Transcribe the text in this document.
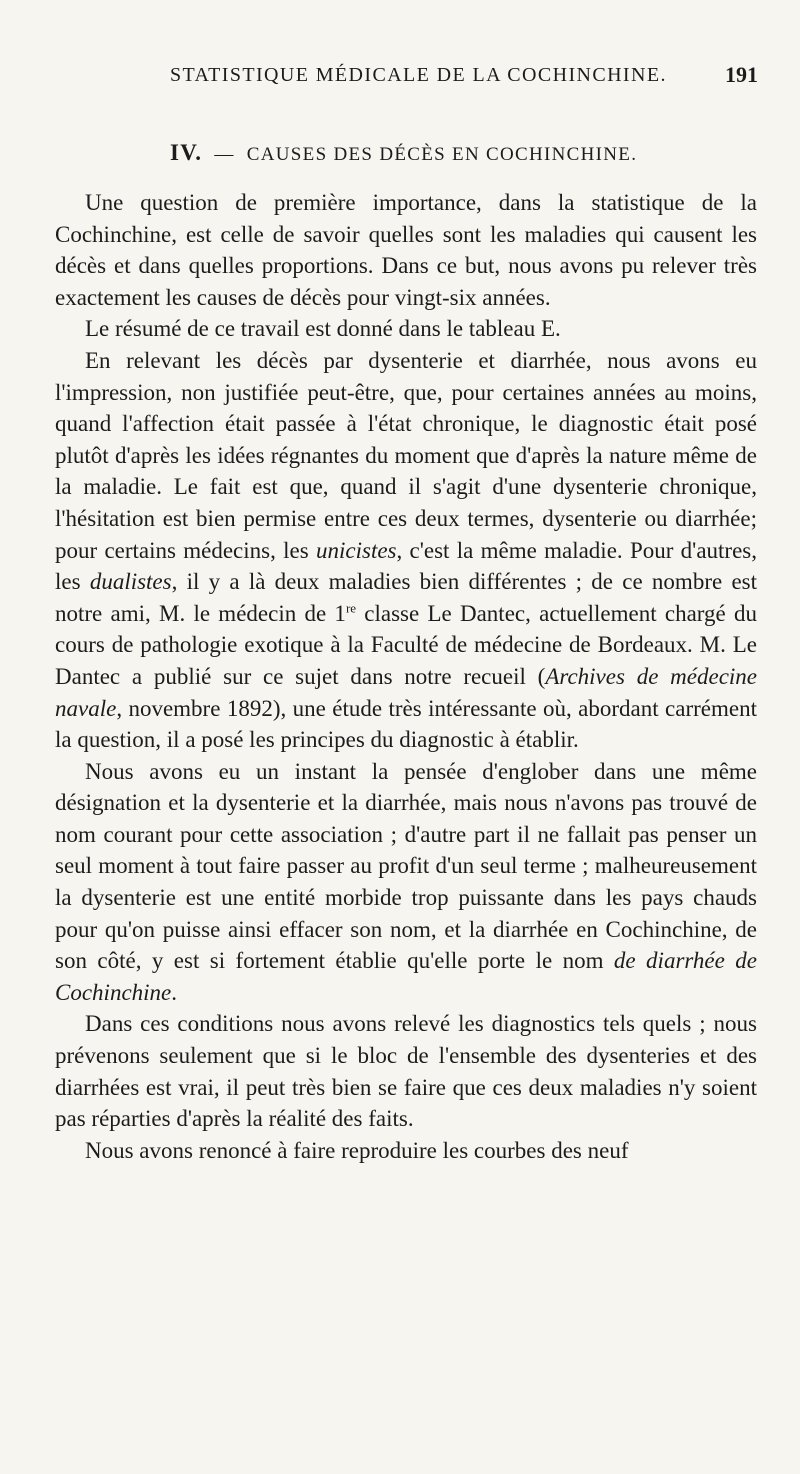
STATISTIQUE MÉDICALE DE LA COCHINCHINE.	191
IV. — CAUSES DES DÉCÈS EN COCHINCHINE.

Une question de première importance, dans la statistique de la Cochinchine, est celle de savoir quelles sont les maladies qui causent les décès et dans quelles proportions. Dans ce but, nous avons pu relever très exactement les causes de décès pour vingt-six années.

Le résumé de ce travail est donné dans le tableau E.

En relevant les décès par dysenterie et diarrhée, nous avons eu l'impression, non justifiée peut-être, que, pour certaines années au moins, quand l'affection était passée à l'état chronique, le diagnostic était posé plutôt d'après les idées régnantes du moment que d'après la nature même de la maladie. Le fait est que, quand il s'agit d'une dysenterie chronique, l'hésitation est bien permise entre ces deux termes, dysenterie ou diarrhée; pour certains médecins, les unicistes, c'est la même maladie. Pour d'autres, les dualistes, il y a là deux maladies bien différentes ; de ce nombre est notre ami, M. le médecin de 1re classe Le Dantec, actuellement chargé du cours de pathologie exotique à la Faculté de médecine de Bordeaux. M. Le Dantec a publié sur ce sujet dans notre recueil (Archives de médecine navale, novembre 1892), une étude très intéressante où, abordant carrément la question, il a posé les principes du diagnostic à établir.

Nous avons eu un instant la pensée d'englober dans une même désignation et la dysenterie et la diarrhée, mais nous n'avons pas trouvé de nom courant pour cette association ; d'autre part il ne fallait pas penser un seul moment à tout faire passer au profit d'un seul terme ; malheureusement la dysenterie est une entité morbide trop puissante dans les pays chauds pour qu'on puisse ainsi effacer son nom, et la diarrhée en Cochinchine, de son côté, y est si fortement établie qu'elle porte le nom de diarrhée de Cochinchine.

Dans ces conditions nous avons relevé les diagnostics tels quels ; nous prévenons seulement que si le bloc de l'ensemble des dysenteries et des diarrhées est vrai, il peut très bien se faire que ces deux maladies n'y soient pas réparties d'après la réalité des faits.

Nous avons renoncé à faire reproduire les courbes des neuf
